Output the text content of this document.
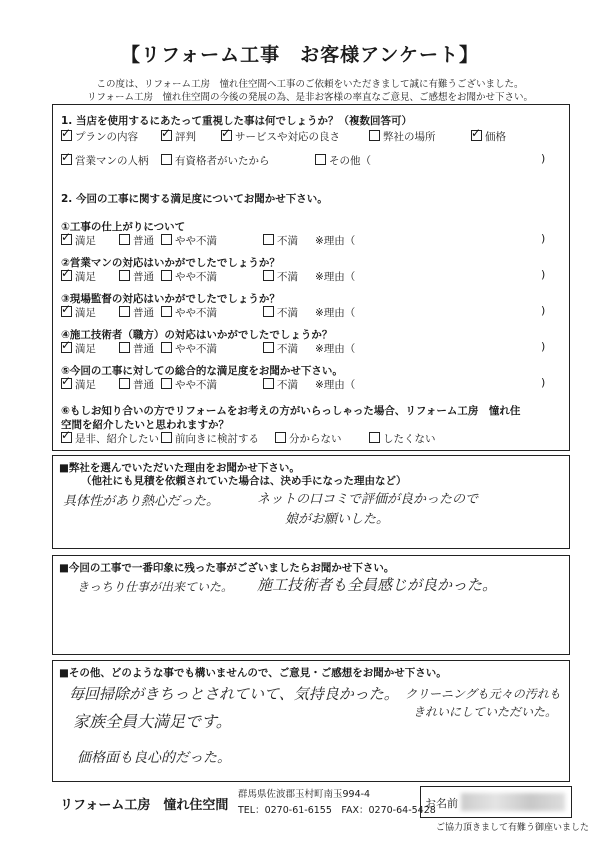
【リフォーム工事　お客様アンケート】
この度は、リフォーム工房　憧れ住空間へ工事のご依頼をいただきまして誠に有難うございました。
リフォーム工房　憧れ住空間の今後の発展の為、是非お客様の率直なご意見、ご感想をお聞かせ下さい。
1. 当店を使用するにあたって重視した事は何でしょうか？（複数回答可）
✓プランの内容 ✓	評判 ✓	サービスや対応の良さ	弊社の場所 ✓	価格
✓営業マンの人柄	有資格者がいたから	その他（	)
2. 今回の工事に関する満足度についてお聞かせ下さい。
①工事の仕上がりについて
✓満足	普通	やや不満	不満 ※理由（	)
②営業マンの対応はいかがでしたでしょうか？
✓満足	普通	やや不満	不満 ※理由（	)
③現場監督の対応はいかがでしたでしょうか？
✓満足	普通	やや不満	不満 ※理由（	)
④施工技術者（職方）の対応はいかがでしたでしょうか？
✓満足	普通	やや不満	不満 ※理由（	)
⑤今回の工事に対しての総合的な満足度をお聞かせ下さい。
✓満足	普通	やや不満	不満 ※理由（	)
⑥もしお知り合いの方でリフォームをお考えの方がいらっしゃった場合、リフォーム工房　憧れ住
空間を紹介したいと思われますか？
✓是非、紹介したい	前向きに検討する	分からない	したくない
■弊社を選んでいただいた理由をお聞かせ下さい。
（他社にも見積を依頼されていた場合は、決め手になった理由など）
具体性があり熱心だった。	ネットの口コミで評価が良かったので
娘がお願いした。
■今回の工事で一番印象に残った事がございましたらお聞かせ下さい。
きっちり仕事が出来ていた。 施工技術者も全員感じが良かった。
■その他、どのような事でも構いませんので、ご意見・ご感想をお聞かせ下さい。
毎回掃除がきちっとされていて、気持良かった。 クリーニングも元々の汚れも
きれいにしていただいた。
家族全員大満足です。
価格面も良心的だった。
リフォーム工房　憧れ住空間
群馬県佐波郡玉村町南玉994-4
TEL：0270-61-6155　FAX：0270-64-5428
お名前
ご協力頂きまして有難う御座いました
